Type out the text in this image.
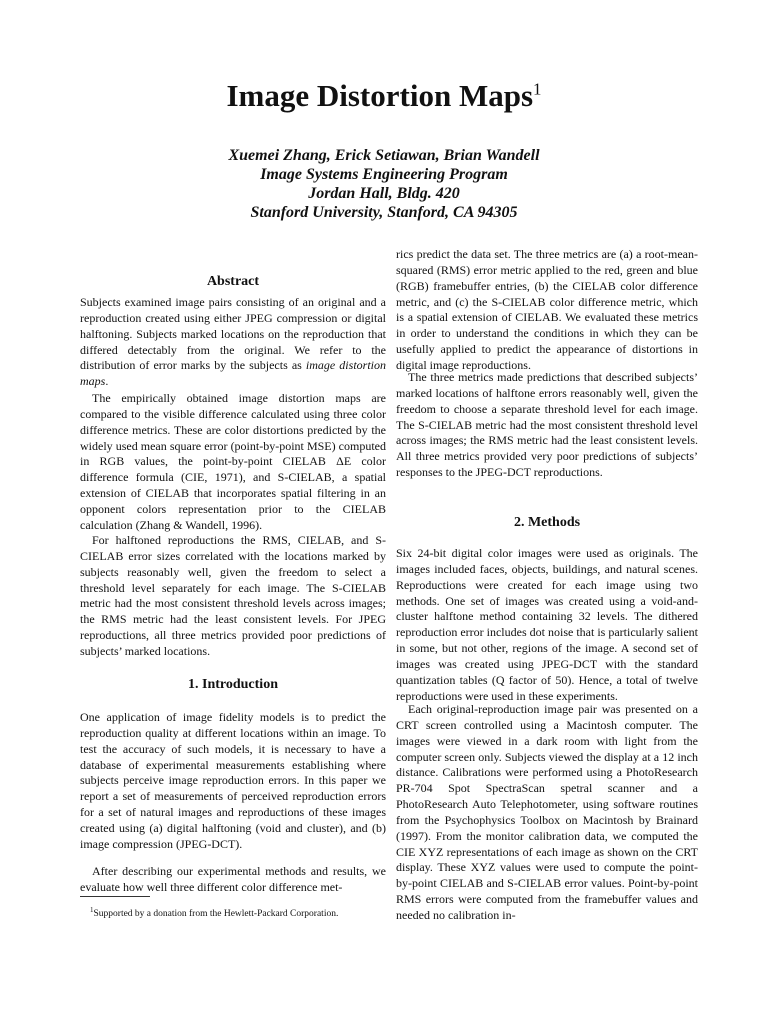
Image Distortion Maps$^1$
Xuemei Zhang, Erick Setiawan, Brian Wandell
Image Systems Engineering Program
Jordan Hall, Bldg. 420
Stanford University, Stanford, CA 94305
Abstract

Subjects examined image pairs consisting of an original and a reproduction created using either JPEG compression or digital halftoning. Subjects marked locations on the reproduction that differed detectably from the original. We refer to the distribution of error marks by the subjects as image distortion maps.

The empirically obtained image distortion maps are compared to the visible difference calculated using three color difference metrics. These are color distortions predicted by the widely used mean square error (point-by-point MSE) computed in RGB values, the point-by-point CIELAB ΔE color difference formula (CIE, 1971), and S-CIELAB, a spatial extension of CIELAB that incorporates spatial filtering in an opponent colors representation prior to the CIELAB calculation (Zhang & Wandell, 1996).

For halftoned reproductions the RMS, CIELAB, and S-CIELAB error sizes correlated with the locations marked by subjects reasonably well, given the freedom to select a threshold level separately for each image. The S-CIELAB metric had the most consistent threshold levels across images; the RMS metric had the least consistent levels. For JPEG reproductions, all three metrics provided poor predictions of subjects’ marked locations.

1. Introduction

One application of image fidelity models is to predict the reproduction quality at different locations within an image. To test the accuracy of such models, it is necessary to have a database of experimental measurements establishing where subjects perceive image reproduction errors. In this paper we report a set of measurements of perceived reproduction errors for a set of natural images and reproductions of these images created using (a) digital halftoning (void and cluster), and (b) image compression (JPEG-DCT).

After describing our experimental methods and results, we evaluate how well three different color difference met-

rics predict the data set. The three metrics are (a) a root-mean-squared (RMS) error metric applied to the red, green and blue (RGB) framebuffer entries, (b) the CIELAB color difference metric, and (c) the S-CIELAB color difference metric, which is a spatial extension of CIELAB. We evaluated these metrics in order to understand the conditions in which they can be usefully applied to predict the appearance of distortions in digital image reproductions.

The three metrics made predictions that described subjects’ marked locations of halftone errors reasonably well, given the freedom to choose a separate threshold level for each image. The S-CIELAB metric had the most consistent threshold level across images; the RMS metric had the least consistent levels. All three metrics provided very poor predictions of subjects’ responses to the JPEG-DCT reproductions.

2. Methods

Six 24-bit digital color images were used as originals. The images included faces, objects, buildings, and natural scenes. Reproductions were created for each image using two methods. One set of images was created using a void-and-cluster halftone method containing 32 levels. The dithered reproduction error includes dot noise that is particularly salient in some, but not other, regions of the image. A second set of images was created using JPEG-DCT with the standard quantization tables (Q factor of 50). Hence, a total of twelve reproductions were used in these experiments.

Each original-reproduction image pair was presented on a CRT screen controlled using a Macintosh computer. The images were viewed in a dark room with light from the computer screen only. Subjects viewed the display at a 12 inch distance. Calibrations were performed using a PhotoResearch PR-704 Spot SpectraScan spetral scanner and a PhotoResearch Auto Telephotometer, using software routines from the Psychophysics Toolbox on Macintosh by Brainard (1997). From the monitor calibration data, we computed the CIE XYZ representations of each image as shown on the CRT display. These XYZ values were used to compute the point-by-point CIELAB and S-CIELAB error values. Point-by-point RMS errors were computed from the framebuffer values and needed no calibration in-

$^1$Supported by a donation from the Hewlett-Packard Corporation.
